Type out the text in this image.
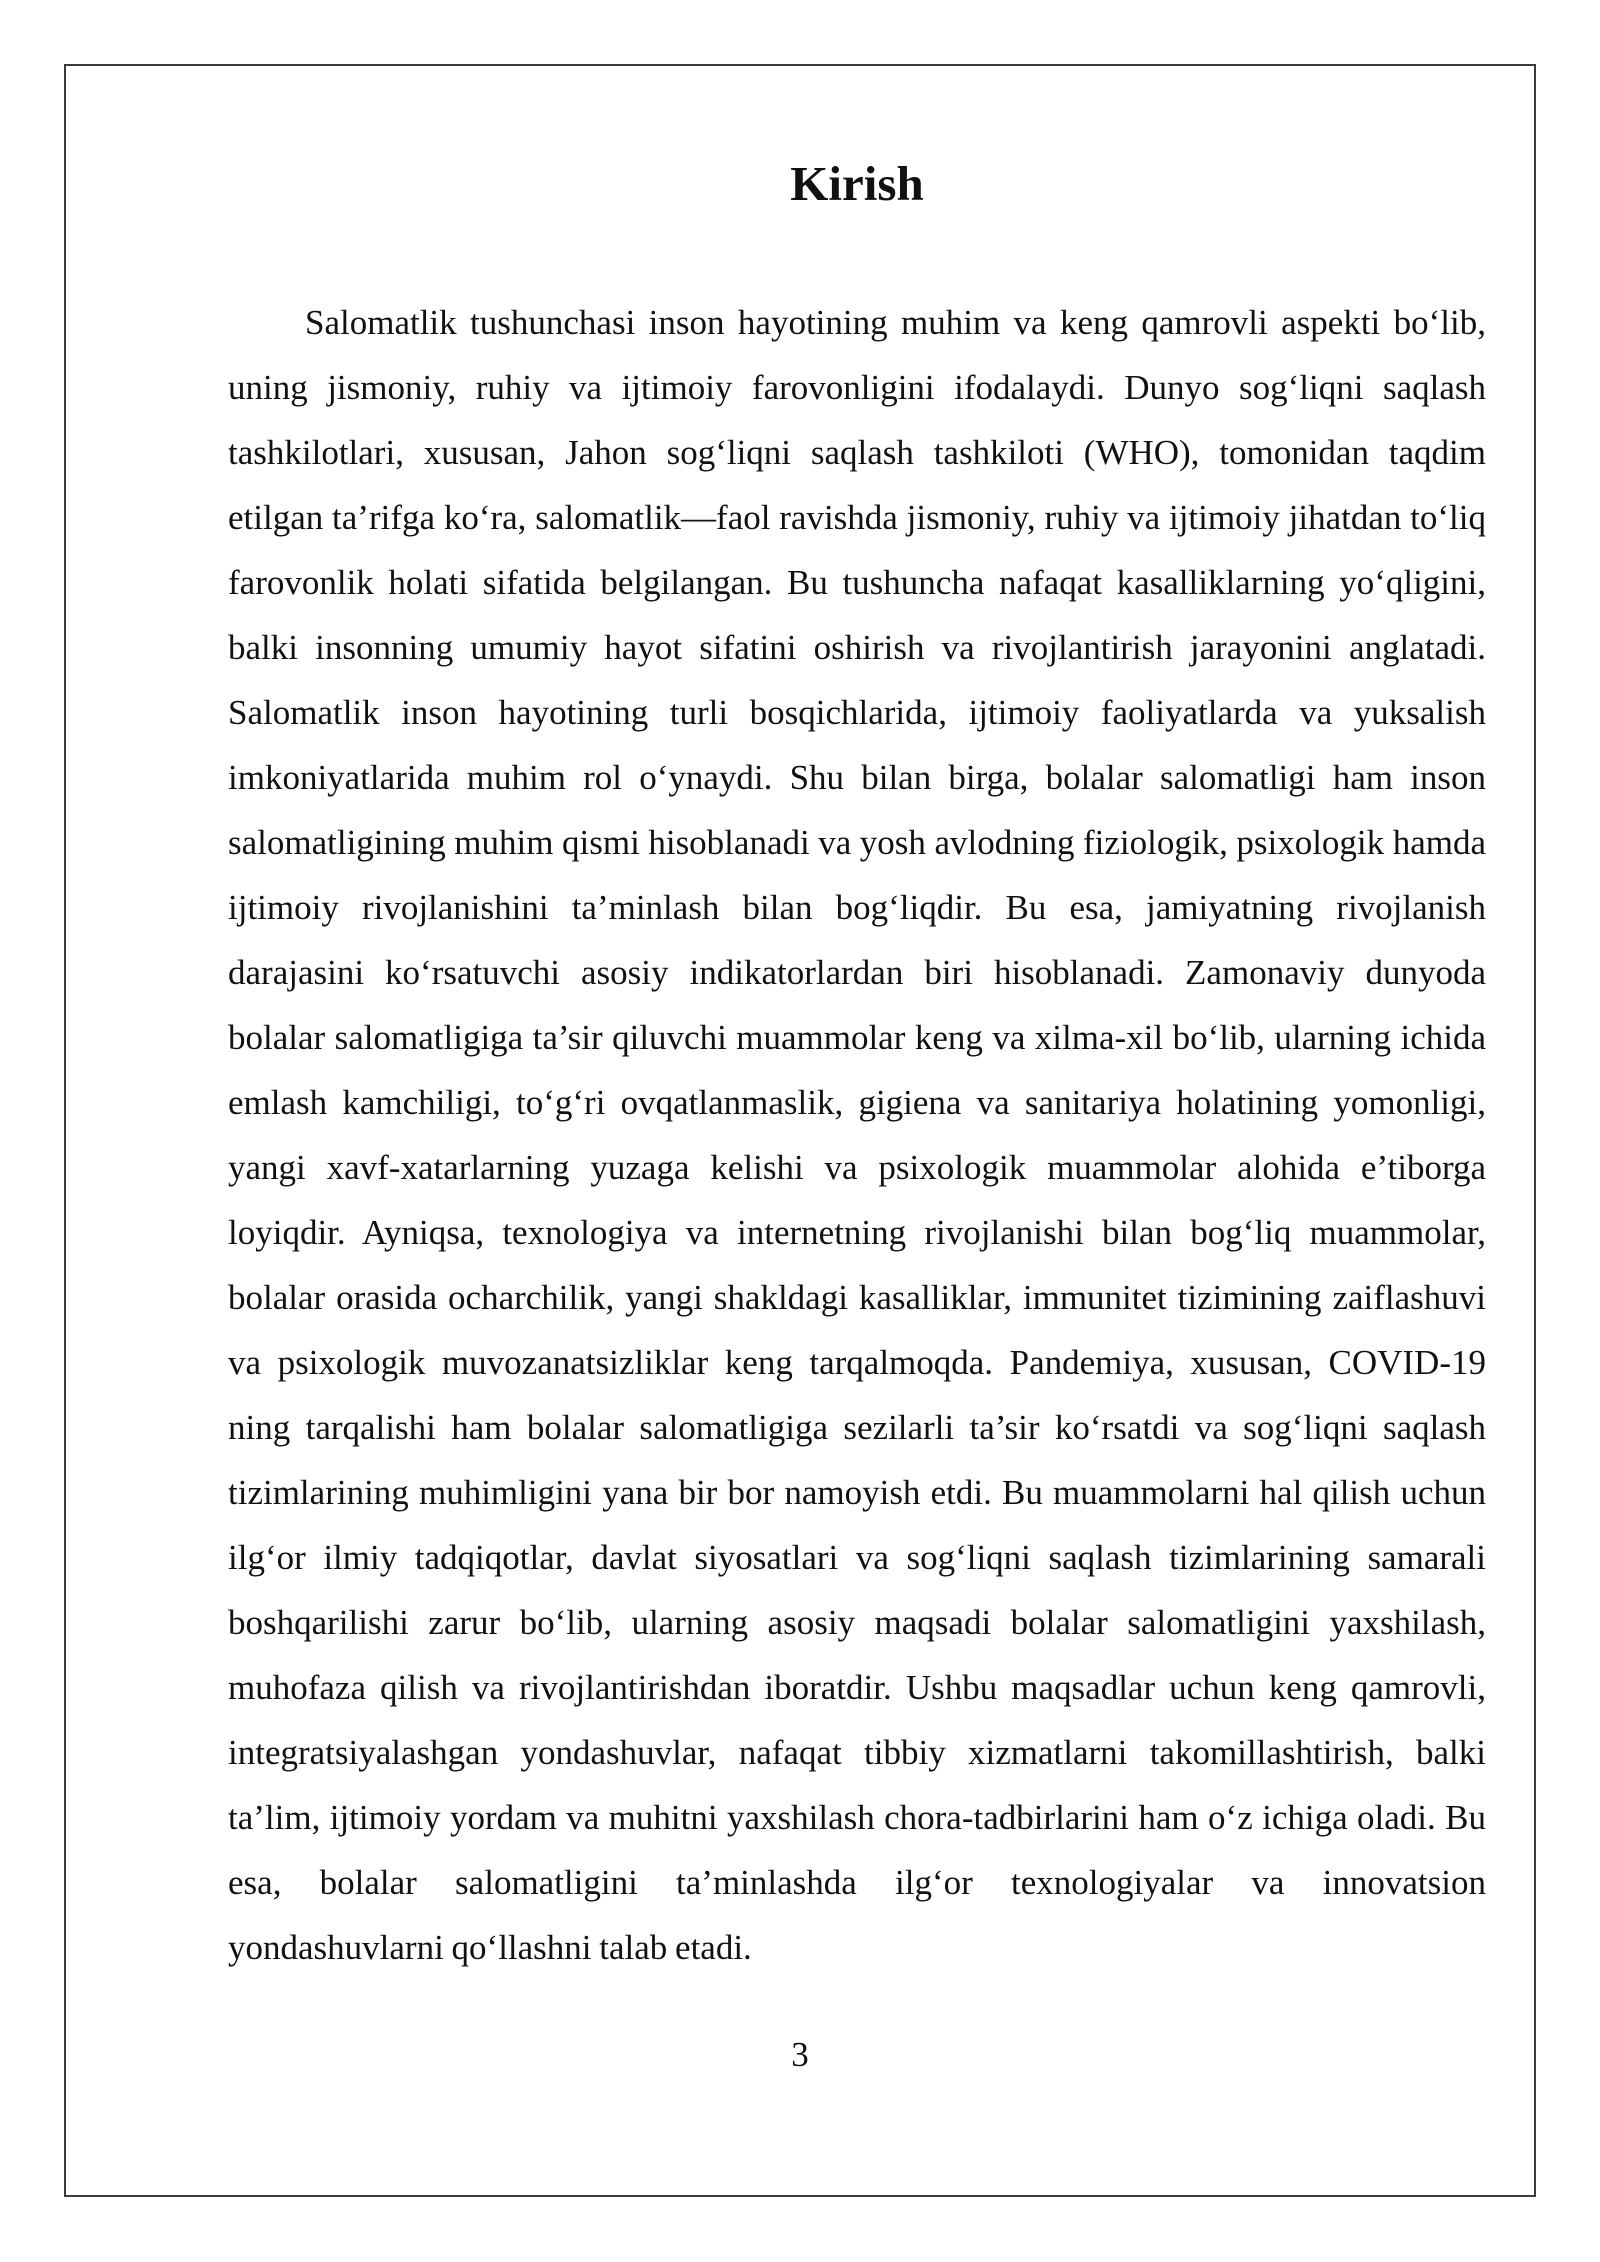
Kirish

Salomatlik tushunchasi inson hayotining muhim va keng qamrovli aspekti bo‘lib, uning jismoniy, ruhiy va ijtimoiy farovonligini ifodalaydi. Dunyo sog‘liqni saqlash tashkilotlari, xususan, Jahon sog‘liqni saqlash tashkiloti (WHO), tomonidan taqdim etilgan ta’rifga ko‘ra, salomatlik—faol ravishda jismoniy, ruhiy va ijtimoiy jihatdan to‘liq farovonlik holati sifatida belgilangan. Bu tushuncha nafaqat kasalliklarning yo‘qligini, balki insonning umumiy hayot sifatini oshirish va rivojlantirish jarayonini anglatadi. Salomatlik inson hayotining turli bosqichlarida, ijtimoiy faoliyatlarda va yuksalish imkoniyatlarida muhim rol o‘ynaydi. Shu bilan birga, bolalar salomatligi ham inson salomatligining muhim qismi hisoblanadi va yosh avlodning fiziologik, psixologik hamda ijtimoiy rivojlanishini ta’minlash bilan bog‘liqdir. Bu esa, jamiyatning rivojlanish darajasini ko‘rsatuvchi asosiy indikatorlardan biri hisoblanadi. Zamonaviy dunyoda bolalar salomatligiga ta’sir qiluvchi muammolar keng va xilma-xil bo‘lib, ularning ichida emlash kamchiligi, to‘g‘ri ovqatlanmaslik, gigiena va sanitariya holatining yomonligi, yangi xavf-xatarlarning yuzaga kelishi va psixologik muammolar alohida e’tiborga loyiqdir. Ayniqsa, texnologiya va internetning rivojlanishi bilan bog‘liq muammolar, bolalar orasida ocharchilik, yangi shakldagi kasalliklar, immunitet tizimining zaiflashuvi va psixologik muvozanatsizliklar keng tarqalmoqda. Pandemiya, xususan, COVID-19 ning tarqalishi ham bolalar salomatligiga sezilarli ta’sir ko‘rsatdi va sog‘liqni saqlash tizimlarining muhimligini yana bir bor namoyish etdi. Bu muammolarni hal qilish uchun ilg‘or ilmiy tadqiqotlar, davlat siyosatlari va sog‘liqni saqlash tizimlarining samarali boshqarilishi zarur bo‘lib, ularning asosiy maqsadi bolalar salomatligini yaxshilash, muhofaza qilish va rivojlantirishdan iboratdir. Ushbu maqsadlar uchun keng qamrovli, integratsiyalashgan yondashuvlar, nafaqat tibbiy xizmatlarni takomillashtirish, balki ta’lim, ijtimoiy yordam va muhitni yaxshilash chora-tadbirlarini ham o‘z ichiga oladi. Bu esa, bolalar salomatligini ta’minlashda ilg‘or texnologiyalar va innovatsion yondashuvlarni qo‘llashni talab etadi.

3
